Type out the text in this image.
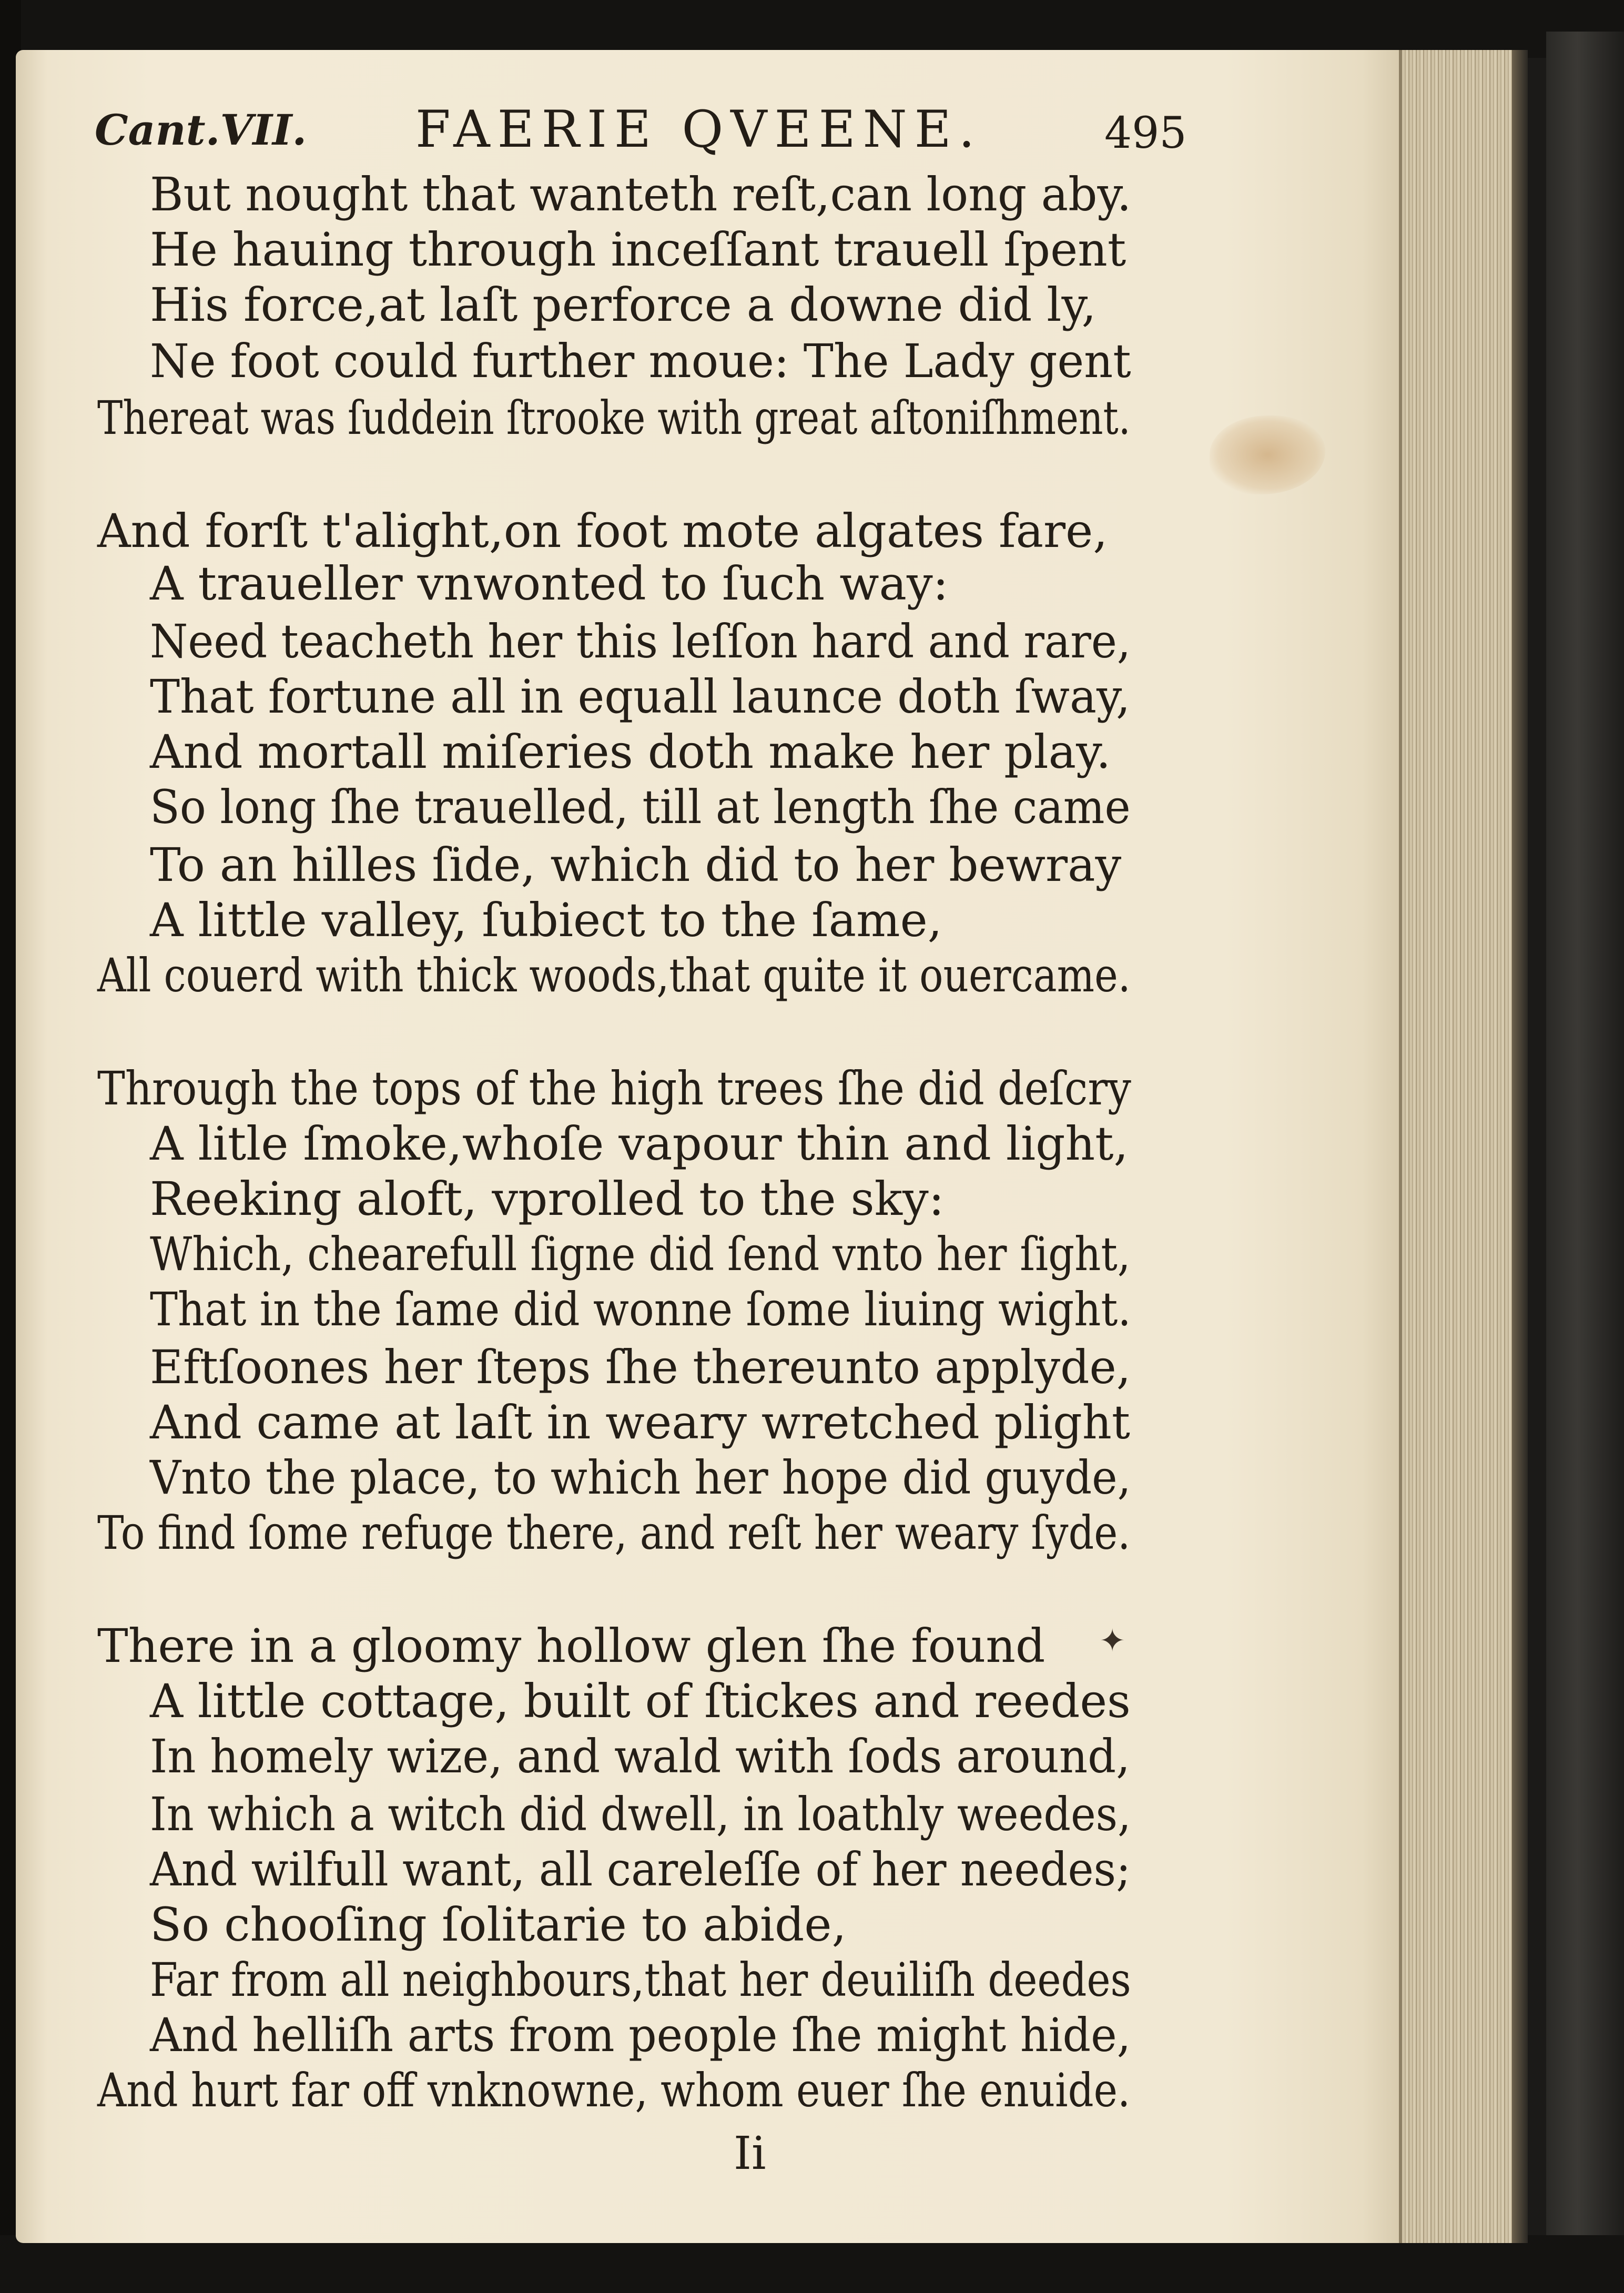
Cant.VII. FAERIE QVEENE.	495
But nought that wanteth reſt,can long aby.
He hauing through inceſſant trauell ſpent
His force,at laſt perforce a downe did ly,
Ne foot could further moue: The Lady gent
Thereat was ſuddein ſtrooke with great aſtoniſhment.
And forſt t'alight,on foot mote algates fare,
A traueller vnwonted to ſuch way:
Need teacheth her this leſſon hard and rare,
That fortune all in equall launce doth ſway,
And mortall miſeries doth make her play.
So long ſhe trauelled, till at length ſhe came
To an hilles ſide, which did to her bewray
A little valley, ſubiect to the ſame,
All couerd with thick woods,that quite it ouercame.
Through the tops of the high trees ſhe did deſcry
A litle ſmoke,whoſe vapour thin and light,
Reeking aloft, vprolled to the sky:
Which, chearefull ſigne did ſend vnto her ſight,
That in the ſame did wonne ſome liuing wight.
Eftſoones her ſteps ſhe thereunto applyde,
And came at laſt in weary wretched plight
Vnto the place, to which her hope did guyde,
To find ſome refuge there, and reſt her weary ſyde.
There in a gloomy hollow glen ſhe found
A little cottage, built of ſtickes and reedes
In homely wize, and wald with ſods around,
In which a witch did dwell, in loathly weedes,
And wilfull want, all careleſſe of her needes;
So chooſing ſolitarie to abide,
Far from all neighbours,that her deuiliſh deedes
And helliſh arts from people ſhe might hide,
And hurt far off vnknowne, whom euer ſhe enuide.
✦
Ii
